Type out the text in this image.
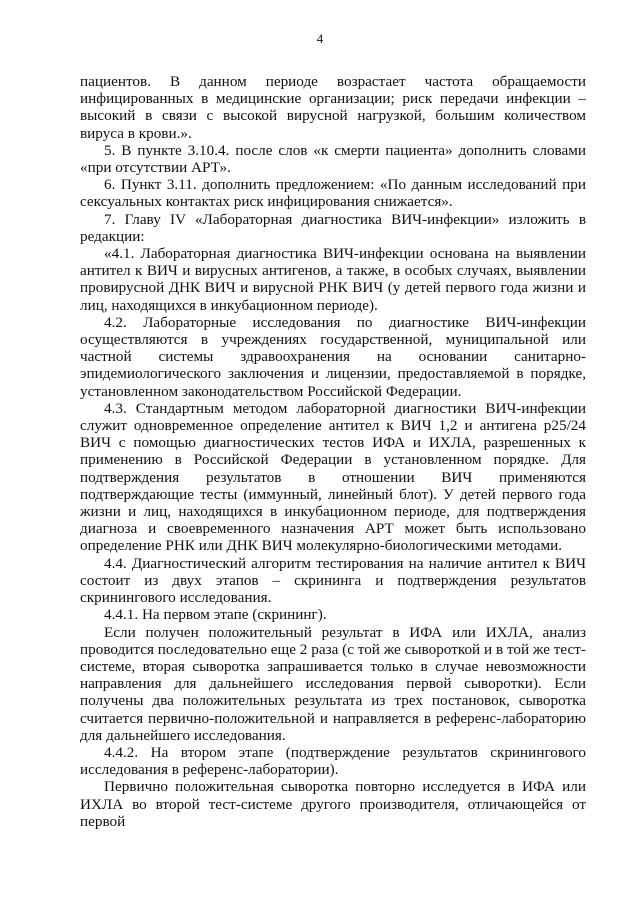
4

пациентов. В данном периоде возрастает частота обращаемости инфицированных в медицинские организации; риск передачи инфекции – высокий в связи с высокой вирусной нагрузкой, большим количеством вируса в крови.».

5. В пункте 3.10.4. после слов «к смерти пациента» дополнить словами «при отсутствии АРТ».

6. Пункт 3.11. дополнить предложением: «По данным исследований при сексуальных контактах риск инфицирования снижается».

7. Главу IV «Лабораторная диагностика ВИЧ-инфекции» изложить в редакции:

«4.1. Лабораторная диагностика ВИЧ-инфекции основана на выявлении антител к ВИЧ и вирусных антигенов, а также, в особых случаях, выявлении провирусной ДНК ВИЧ и вирусной РНК ВИЧ (у детей первого года жизни и лиц, находящихся в инкубационном периоде).

4.2. Лабораторные исследования по диагностике ВИЧ-инфекции осуществляются в учреждениях государственной, муниципальной или частной системы здравоохранения на основании санитарно-эпидемиологического заключения и лицензии, предоставляемой в порядке, установленном законодательством Российской Федерации.

4.3. Стандартным методом лабораторной диагностики ВИЧ-инфекции служит одновременное определение антител к ВИЧ 1,2 и антигена p25/24 ВИЧ с помощью диагностических тестов ИФА и ИХЛА, разрешенных к применению в Российской Федерации в установленном порядке. Для подтверждения результатов в отношении ВИЧ применяются подтверждающие тесты (иммунный, линейный блот). У детей первого года жизни и лиц, находящихся в инкубационном периоде, для подтверждения диагноза и своевременного назначения АРТ может быть использовано определение РНК или ДНК ВИЧ молекулярно-биологическими методами.

4.4. Диагностический алгоритм тестирования на наличие антител к ВИЧ состоит из двух этапов – скрининга и подтверждения результатов скринингового исследования.

4.4.1. На первом этапе (скрининг).

Если получен положительный результат в ИФА или ИХЛА, анализ проводится последовательно еще 2 раза (с той же сывороткой и в той же тест-системе, вторая сыворотка запрашивается только в случае невозможности направления для дальнейшего исследования первой сыворотки). Если получены два положительных результата из трех постановок, сыворотка считается первично-положительной и направляется в референс-лабораторию для дальнейшего исследования.

4.4.2. На втором этапе (подтверждение результатов скринингового исследования в референс-лаборатории).

Первично положительная сыворотка повторно исследуется в ИФА или ИХЛА во второй тест-системе другого производителя, отличающейся от первой
